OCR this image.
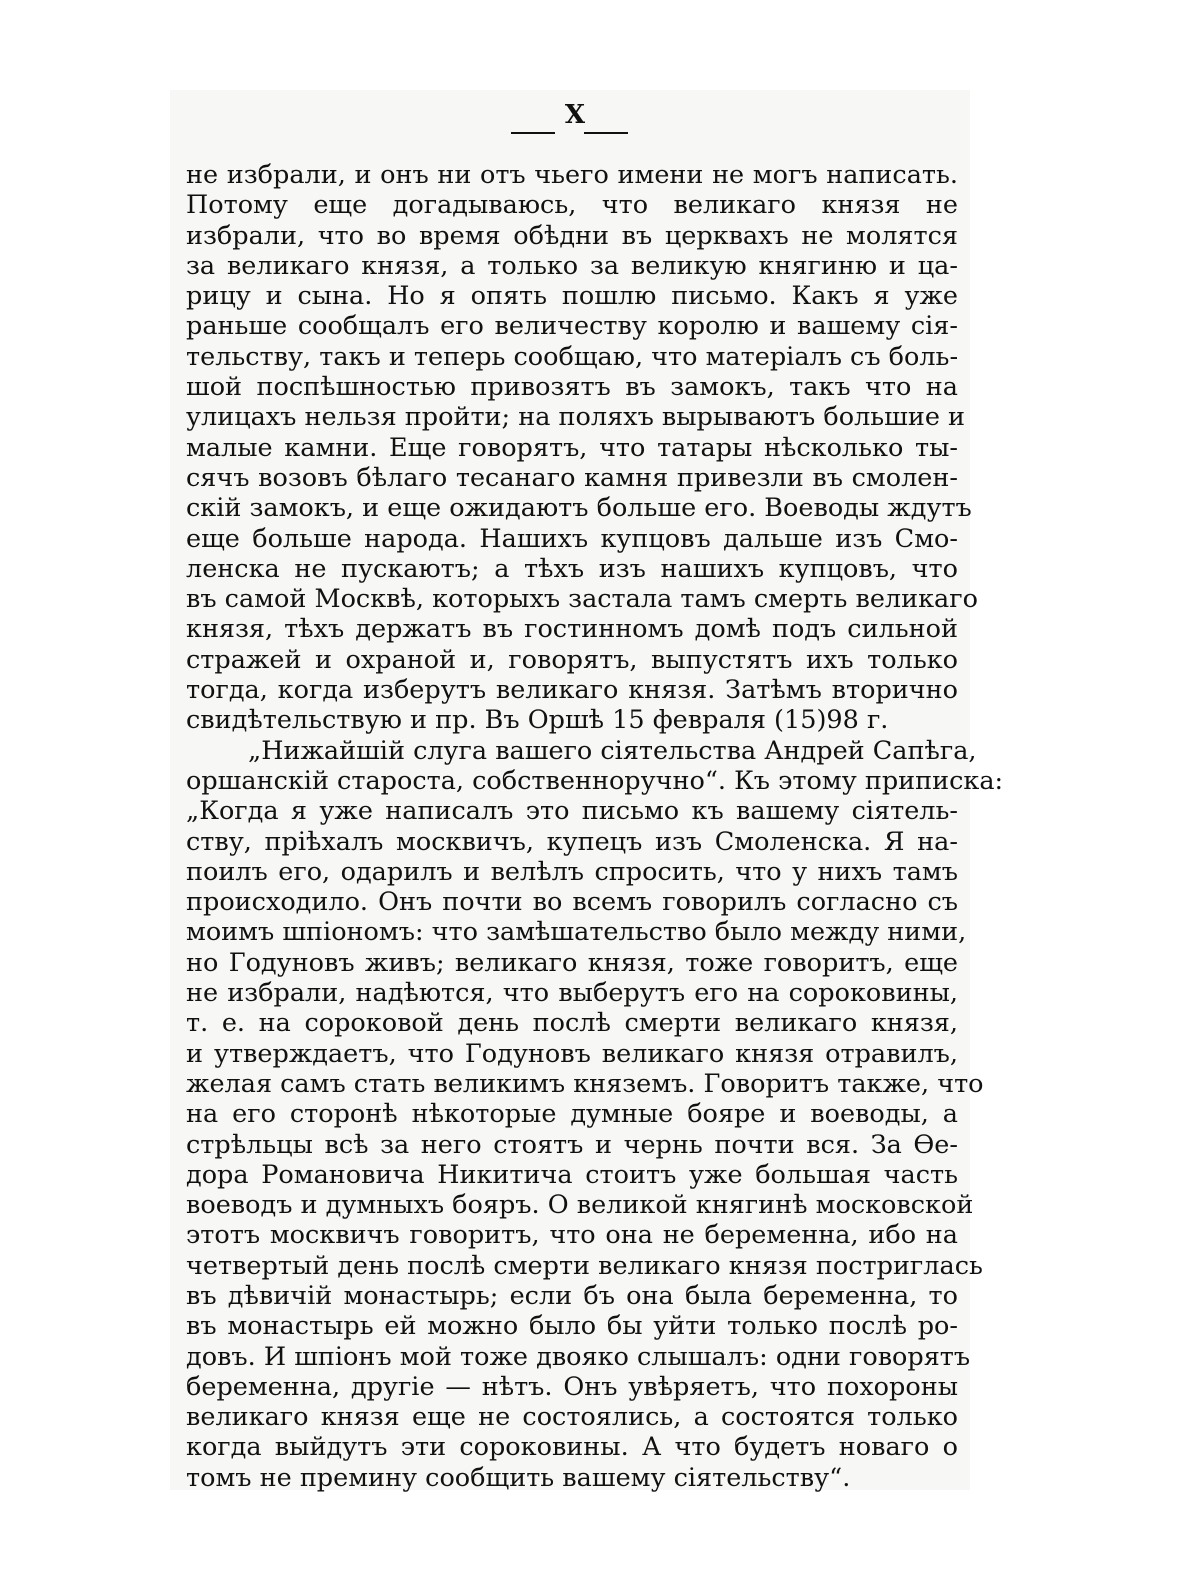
X
не избрали, и онъ ни отъ чьего имени не могъ написать.
Потому еще догадываюсь, что великаго князя не
избрали, что во время обѣдни въ церквахъ не молятся
за великаго князя, а только за великую княгиню и ца-
рицу и сына. Но я опять пошлю письмо. Какъ я уже
раньше сообщалъ его величеству королю и вашему сiя-
тельству, такъ и теперь сообщаю, что матерiалъ съ боль-
шой поспѣшностью привозятъ въ замокъ, такъ что на
улицахъ нельзя пройти; на поляхъ вырываютъ большие и
малые камни. Еще говорятъ, что татары нѣсколько ты-
сячъ возовъ бѣлаго тесанаго камня привезли въ смолен-
скiй замокъ, и еще ожидаютъ больше его. Воеводы ждутъ
еще больше народа. Нашихъ купцовъ дальше изъ Смо-
ленска не пускаютъ; а тѣхъ изъ нашихъ купцовъ, что
въ самой Москвѣ, которыхъ застала тамъ смерть великаго
князя, тѣхъ держатъ въ гостинномъ домѣ подъ сильной
стражей и охраной и, говорятъ, выпустятъ ихъ только
тогда, когда изберутъ великаго князя. Затѣмъ вторично
свидѣтельствую и пр. Въ Оршѣ 15 февраля (15)98 г.
„Нижайшiй слуга вашего сiятельства Андрей Сапѣга,
оршанскiй староста, собственноручно“. Къ этому приписка:
„Когда я уже написалъ это письмо къ вашему сiятель-
ству, прiѣхалъ москвичъ, купецъ изъ Смоленска. Я на-
поилъ его, одарилъ и велѣлъ спросить, что у нихъ тамъ
происходило. Онъ почти во всемъ говорилъ согласно съ
моимъ шпiономъ: что замѣшательство было между ними,
но Годуновъ живъ; великаго князя, тоже говоритъ, еще
не избрали, надѣются, что выберутъ его на сороковины,
т. е. на сороковой день послѣ смерти великаго князя,
и утверждаетъ, что Годуновъ великаго князя отравилъ,
желая самъ стать великимъ княземъ. Говоритъ также, что
на его сторонѣ нѣкоторые думные бояре и воеводы, а
стрѣльцы всѣ за него стоятъ и чернь почти вся. За Ѳе-
дора Романовича Никитича стоитъ уже большая часть
воеводъ и думныхъ бояръ. О великой княгинѣ московской
этотъ москвичъ говоритъ, что она не беременна, ибо на
четвертый день послѣ смерти великаго князя постриглась
въ дѣвичiй монастырь; если бъ она была беременна, то
въ монастырь ей можно было бы уйти только послѣ ро-
довъ. И шпiонъ мой тоже двояко слышалъ: одни говорятъ
беременна, другiе — нѣтъ. Онъ увѣряетъ, что похороны
великаго князя еще не состоялись, а состоятся только
когда выйдутъ эти сороковины. А что будетъ новаго о
томъ не премину сообщить вашему сiятельству“.
